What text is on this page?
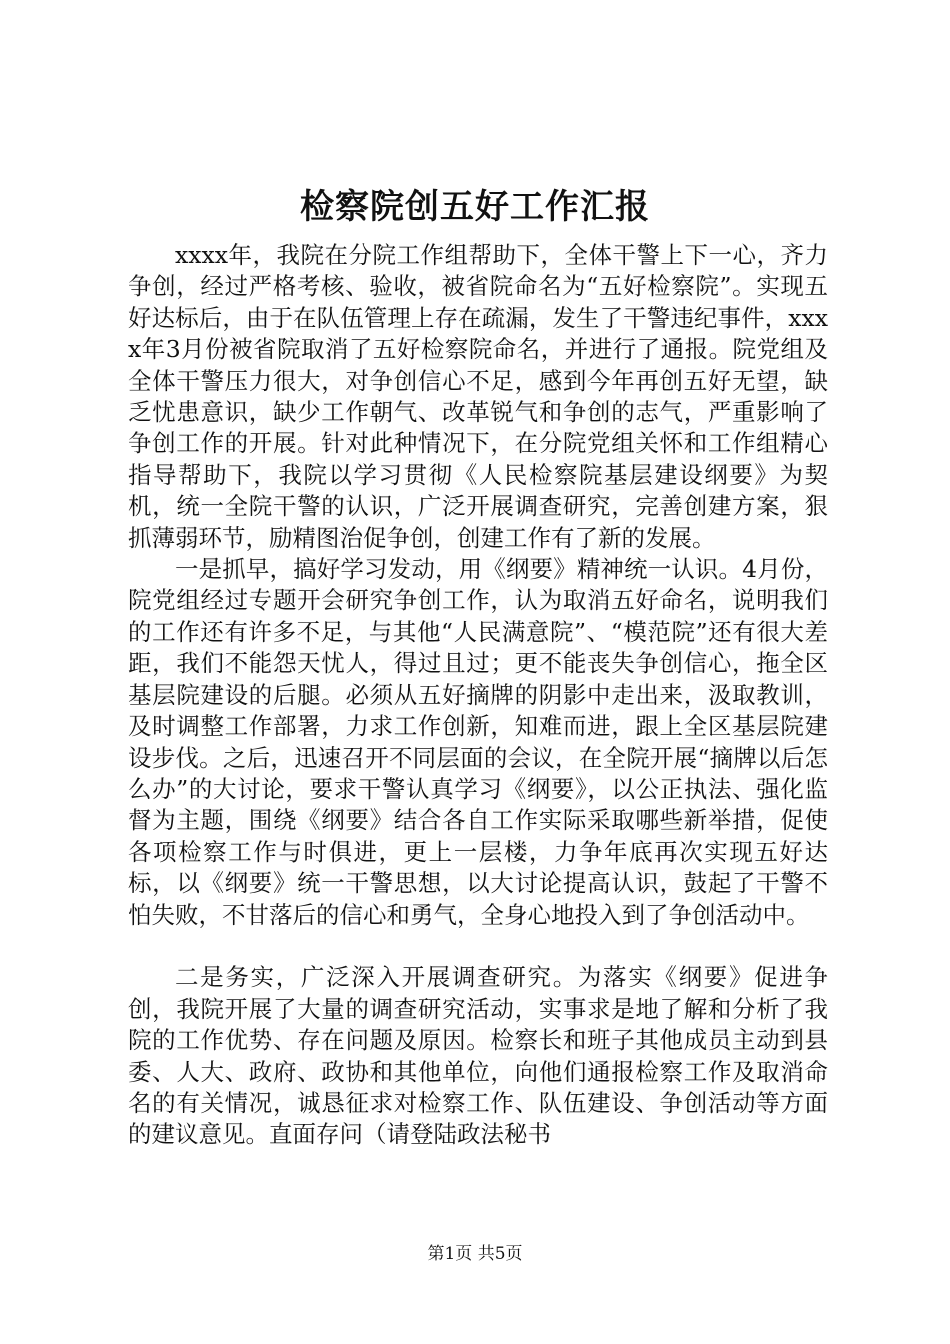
检察院创五好工作汇报

xxxx年，我院在分院工作组帮助下，全体干警上下一心，齐力争创，经过严格考核、验收，被省院命名为“五好检察院”。实现五好达标后，由于在队伍管理上存在疏漏，发生了干警违纪事件，xxxx年3月份被省院取消了五好检察院命名，并进行了通报。院党组及全体干警压力很大，对争创信心不足，感到今年再创五好无望，缺乏忧患意识，缺少工作朝气、改革锐气和争创的志气，严重影响了争创工作的开展。针对此种情况下，在分院党组关怀和工作组精心指导帮助下，我院以学习贯彻《人民检察院基层建设纲要》为契机，统一全院干警的认识，广泛开展调查研究，完善创建方案，狠抓薄弱环节，励精图治促争创，创建工作有了新的发展。

一是抓早，搞好学习发动，用《纲要》精神统一认识。4月份，院党组经过专题开会研究争创工作，认为取消五好命名，说明我们的工作还有许多不足，与其他“人民满意院”、“模范院”还有很大差距，我们不能怨天忧人，得过且过；更不能丧失争创信心，拖全区基层院建设的后腿。必须从五好摘牌的阴影中走出来，汲取教训，及时调整工作部署，力求工作创新，知难而进，跟上全区基层院建设步伐。之后，迅速召开不同层面的会议，在全院开展“摘牌以后怎么办”的大讨论，要求干警认真学习《纲要》，以公正执法、强化监督为主题，围绕《纲要》结合各自工作实际采取哪些新举措，促使各项检察工作与时俱进，更上一层楼，力争年底再次实现五好达标，以《纲要》统一干警思想，以大讨论提高认识，鼓起了干警不怕失败，不甘落后的信心和勇气，全身心地投入到了争创活动中。

二是务实，广泛深入开展调查研究。为落实《纲要》促进争创，我院开展了大量的调查研究活动，实事求是地了解和分析了我院的工作优势、存在问题及原因。检察长和班子其他成员主动到县委、人大、政府、政协和其他单位，向他们通报检察工作及取消命名的有关情况，诚恳征求对检察工作、队伍建设、争创活动等方面的建议意见。直面存问（请登陆政法秘书

第1页 共5页
